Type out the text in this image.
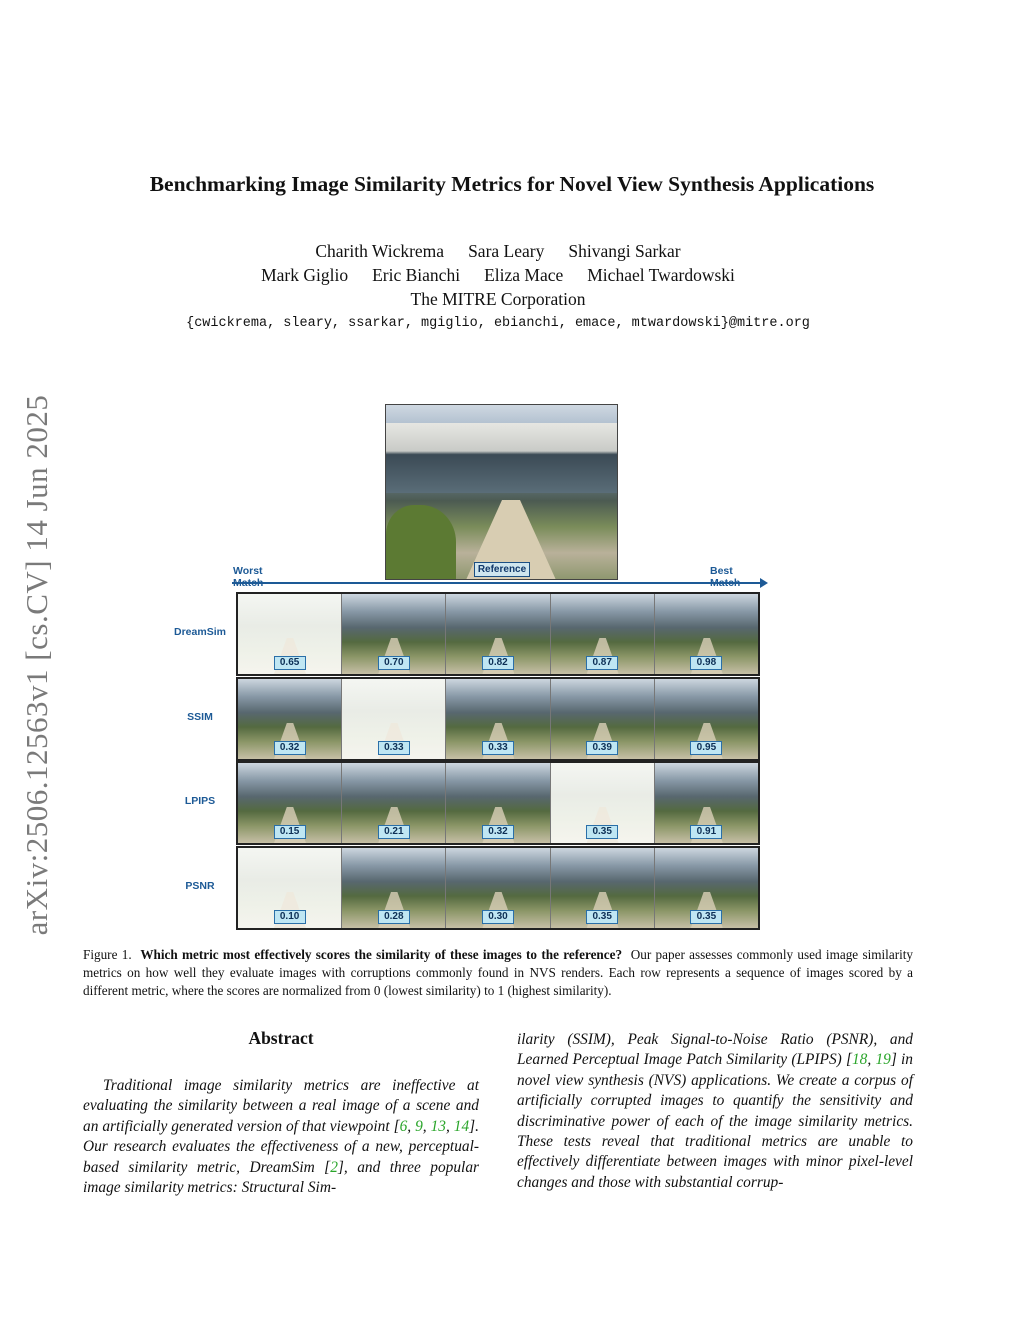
arXiv:2506.12563v1 [cs.CV] 14 Jun 2025
Benchmarking Image Similarity Metrics for Novel View Synthesis Applications
Charith Wickrema Sara Leary Shivangi Sarkar
Mark Giglio Eric Bianchi Eliza Mace Michael Twardowski
The MITRE Corporation
{cwickrema, sleary, ssarkar, mgiglio, ebianchi, emace, mtwardowski}@mitre.org
Reference
Worst	Best
DreamSim
0.65	0.70	0.82	0.87	0.98
SSIM
0.32	0.33	0.33	0.39	0.95
LPIPS
0.15	0.21	0.32	0.35	0.91
PSNR
0.10	0.28	0.30	0.35	0.35
Figure 1. Which metric most effectively scores the similarity of these images to the reference? Our paper assesses commonly used image similarity metrics on how well they evaluate images with corruptions commonly found in NVS renders. Each row represents a sequence of images scored by a different metric, where the scores are normalized from 0 (lowest similarity) to 1 (highest similarity).
Abstract
Traditional image similarity metrics are ineffective at evaluating the similarity between a real image of a scene and an artificially generated version of that viewpoint [6, 9, 13, 14]. Our research evaluates the effectiveness of a new, perceptual-based similarity metric, DreamSim [2], and three popular image similarity metrics: Structural Sim-
ilarity (SSIM), Peak Signal-to-Noise Ratio (PSNR), and Learned Perceptual Image Patch Similarity (LPIPS) [18, 19] in novel view synthesis (NVS) applications. We create a corpus of artificially corrupted images to quantify the sensitivity and discriminative power of each of the image similarity metrics. These tests reveal that traditional metrics are unable to effectively differentiate between images with minor pixel-level changes and those with substantial corrup-
